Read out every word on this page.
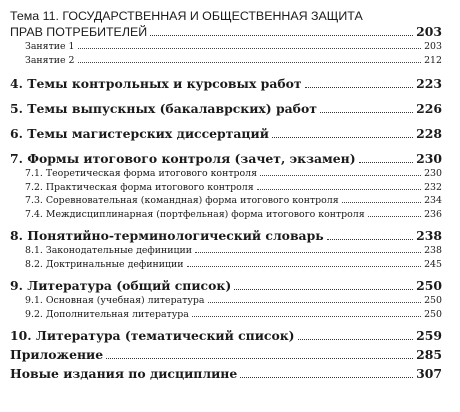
Тема 11. ГОСУДАРСТВЕННАЯ И ОБЩЕСТВЕННАЯ ЗАЩИТА
ПРАВ ПОТРЕБИТЕЛЕЙ	203
Занятие 1	203
Занятие 2	212
4. Темы контрольных и курсовых работ	223
5. Темы выпускных (бакалаврских) работ	226
6. Темы магистерских диссертаций	228
7. Формы итогового контроля (зачет, экзамен)	230
7.1. Теоретическая форма итогового контроля	230
7.2. Практическая форма итогового контроля	232
7.3. Соревновательная (командная) форма итогового контроля	234
7.4. Междисциплинарная (портфельная) форма итогового контроля	236
8. Понятийно-терминологический словарь	238
8.1. Законодательные дефиниции	238
8.2. Доктринальные дефиниции	245
9. Литература (общий список)	250
9.1. Основная (учебная) литература	250
9.2. Дополнительная литература	250
10. Литература (тематический список)	259
Приложение	285
Новые издания по дисциплине	307
